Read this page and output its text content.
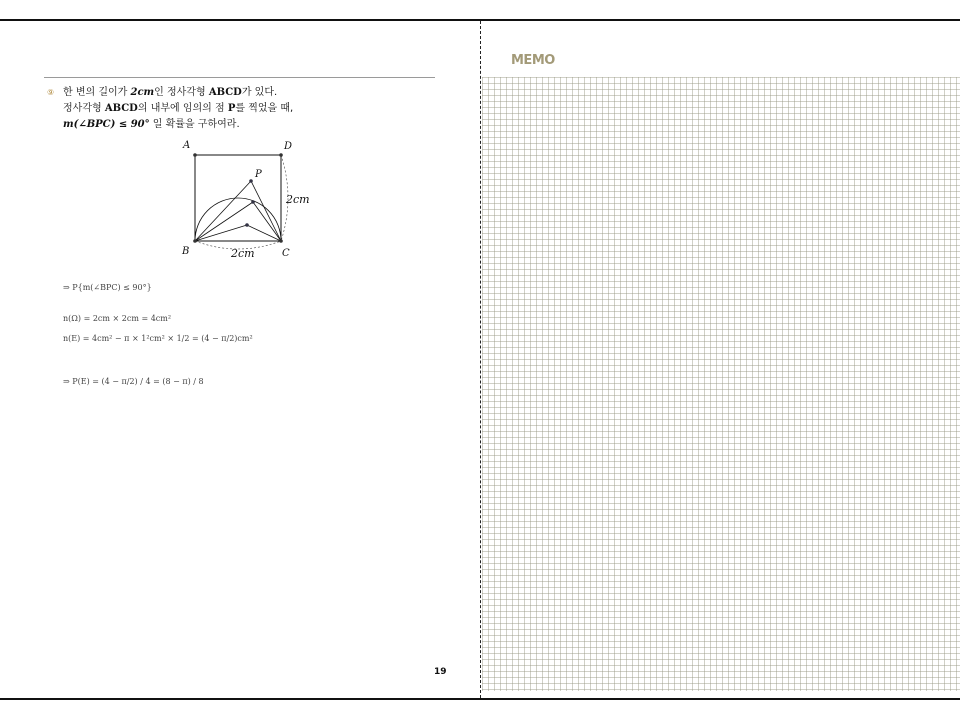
⑨ 한 변의 길이가 2cm인 정사각형 ABCD가 있다.
정사각형 ABCD의 내부에 임의의 점 P를 찍었을 때,
m(∠BPC) ≤ 90° 일 확률을 구하여라.
A	D
B	C
P
2cm
2cm
⇒ P{m(∠BPC) ≤ 90°}
n(Ω) = 2cm × 2cm = 4cm²
n(E) = 4cm² − π × 1²cm² × 1/2 = (4 − π/2)cm²
⇒ P(E) = (4 − π/2) / 4 = (8 − π) / 8
19
MEMO
